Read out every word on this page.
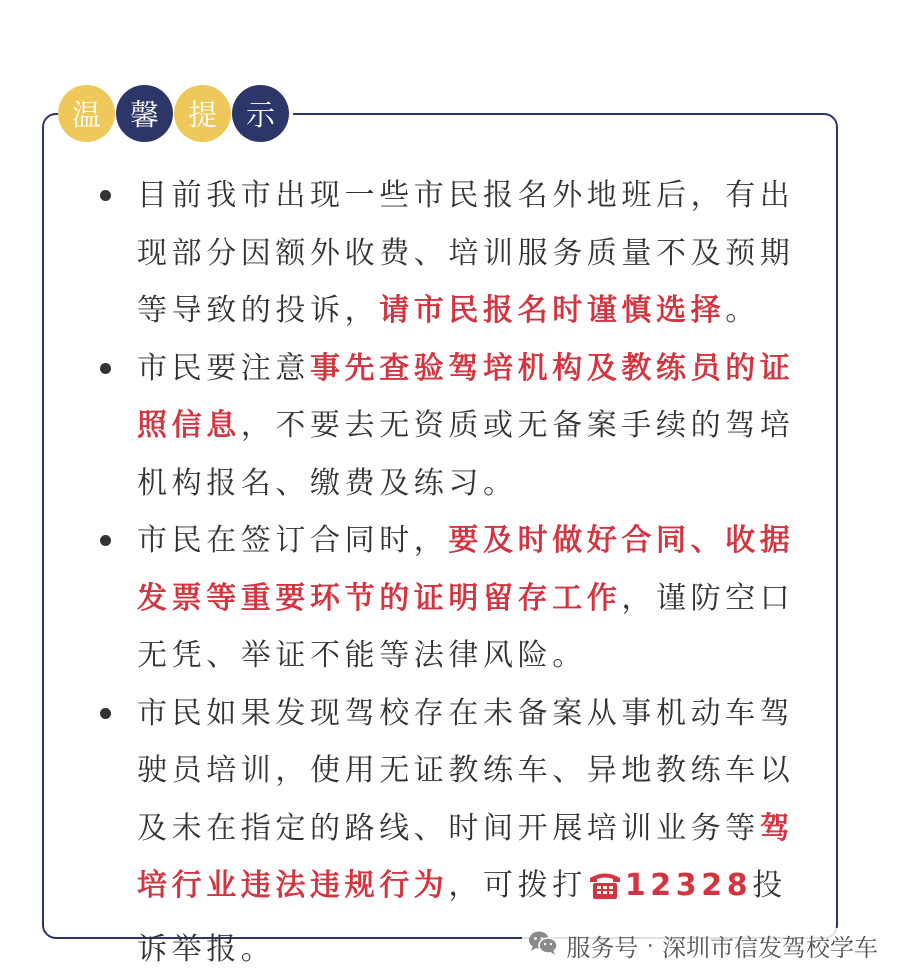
温 馨 提 示
目前我市出现一些市民报名外地班后，有出现部分因额外收费、培训服务质量不及预期等导致的投诉，请市民报名时谨慎选择。
市民要注意事先查验驾培机构及教练员的证照信息，不要去无资质或无备案手续的驾培机构报名、缴费及练习。
市民在签订合同时，要及时做好合同、收据发票等重要环节的证明留存工作，谨防空口无凭、举证不能等法律风险。
市民如果发现驾校存在未备案从事机动车驾驶员培训，使用无证教练车、异地教练车以及未在指定的路线、时间开展培训业务等驾培行业违法违规行为，可拨打 12328投诉举报。	服务号 · 深圳市信发驾校学车
